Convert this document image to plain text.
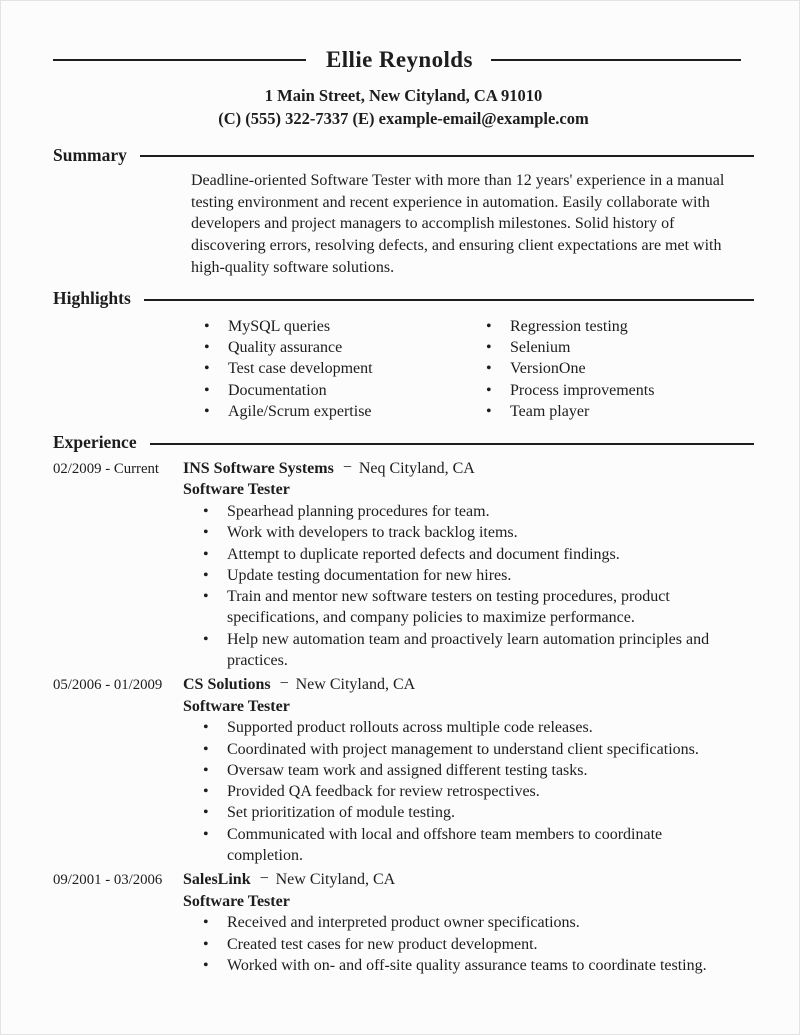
Ellie Reynolds
1 Main Street, New Cityland, CA 91010
(C) (555) 322-7337 (E) example-email@example.com
Summary

Deadline-oriented Software Tester with more than 12 years' experience in a manual testing environment and recent experience in automation. Easily collaborate with developers and project managers to accomplish milestones. Solid history of discovering errors, resolving defects, and ensuring client expectations are met with high-quality software solutions.

Highlights
• MySQL queries
• Quality assurance
• Test case development
• Documentation
• Agile/Scrum expertise
• Regression testing
• Selenium
• VersionOne
• Process improvements
• Team player
Experience
02/2009 - Current	INS Software Systems − Neq Cityland, CA
Software Tester
• Spearhead planning procedures for team.
• Work with developers to track backlog items.
• Attempt to duplicate reported defects and document findings.
• Update testing documentation for new hires.
• Train and mentor new software testers on testing procedures, product specifications, and company policies to maximize performance.
• Help new automation team and proactively learn automation principles and practices.
05/2006 - 01/2009	CS Solutions − New Cityland, CA
Software Tester
• Supported product rollouts across multiple code releases.
• Coordinated with project management to understand client specifications.
• Oversaw team work and assigned different testing tasks.
• Provided QA feedback for review retrospectives.
• Set prioritization of module testing.
• Communicated with local and offshore team members to coordinate completion.
09/2001 - 03/2006	SalesLink − New Cityland, CA
Software Tester
• Received and interpreted product owner specifications.
• Created test cases for new product development.
• Worked with on- and off-site quality assurance teams to coordinate testing.
